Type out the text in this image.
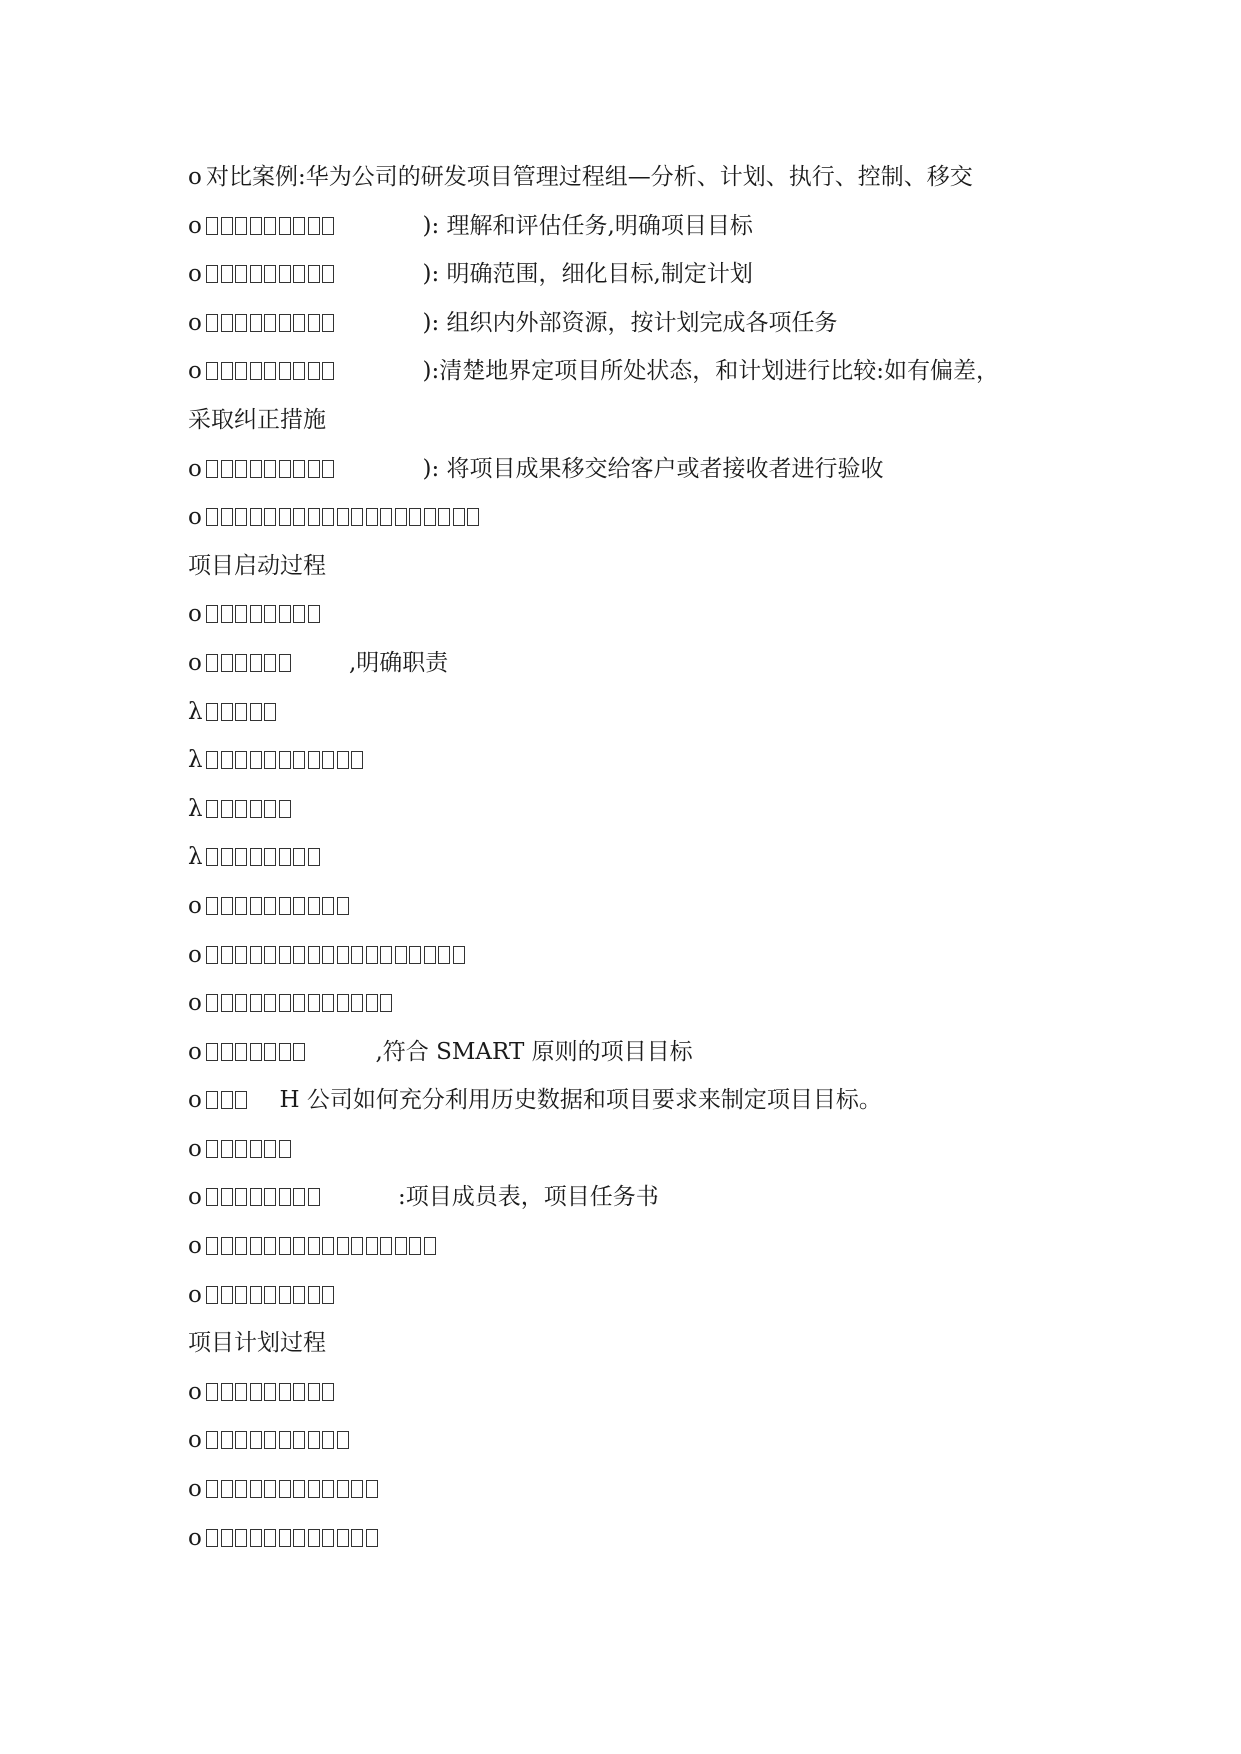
o对比案例:华为公司的研发项目管理过程组—分析、计划、执行、控制、移交
o	): 理解和评估任务,明确项目目标
o	): 明确范围，细化目标,制定计划
o	): 组织内外部资源，按计划完成各项任务
o	):清楚地界定项目所处状态，和计划进行比较:如有偏差，
采取纠正措施
o	): 将项目成果移交给客户或者接收者进行验收
o
项目启动过程
o
o	,明确职责
λ
λ
λ
λ
o
o
o
o	,符合 SMART 原则的项目目标
o	H 公司如何充分利用历史数据和项目要求来制定项目目标。
o
o	:项目成员表，项目任务书
o
o
项目计划过程
o
o
o
o
